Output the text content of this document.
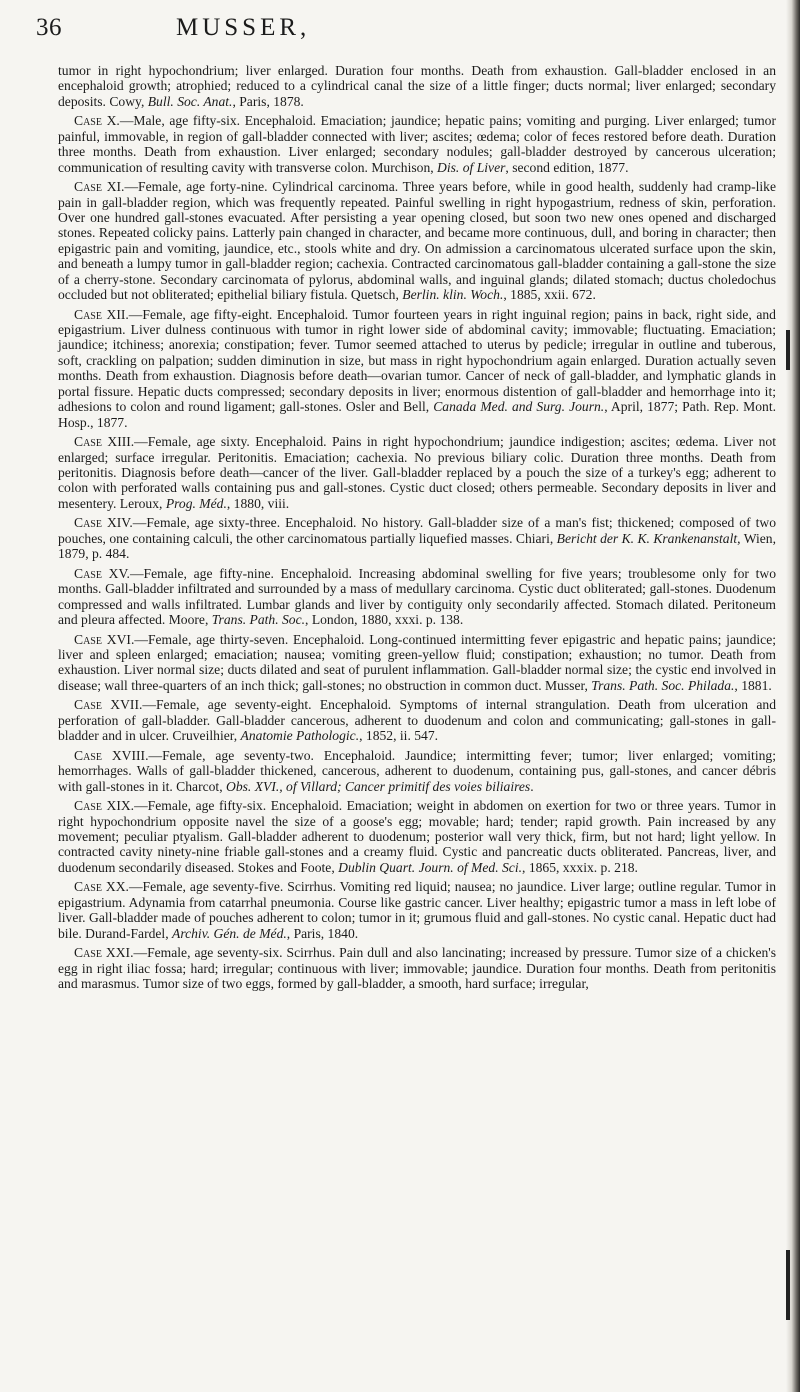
36	MUSSER,

tumor in right hypochondrium; liver enlarged. Duration four months. Death from exhaustion. Gall-bladder enclosed in an encephaloid growth; atrophied; reduced to a cylindrical canal the size of a little finger; ducts normal; liver enlarged; secondary deposits. Cowy, Bull. Soc. Anat., Paris, 1878.

Case X.—Male, age fifty-six. Encephaloid. Emaciation; jaundice; hepatic pains; vomiting and purging. Liver enlarged; tumor painful, immovable, in region of gall-bladder connected with liver; ascites; œdema; color of feces restored before death. Duration three months. Death from exhaustion. Liver enlarged; secondary nodules; gall-bladder destroyed by cancerous ulceration; communication of resulting cavity with transverse colon. Murchison, Dis. of Liver, second edition, 1877.

Case XI.—Female, age forty-nine. Cylindrical carcinoma. Three years before, while in good health, suddenly had cramp-like pain in gall-bladder region, which was frequently repeated. Painful swelling in right hypogastrium, redness of skin, perforation. Over one hundred gall-stones evacuated. After persisting a year opening closed, but soon two new ones opened and discharged stones. Repeated colicky pains. Latterly pain changed in character, and became more continuous, dull, and boring in character; then epigastric pain and vomiting, jaundice, etc., stools white and dry. On admission a carcinomatous ulcerated surface upon the skin, and beneath a lumpy tumor in gall-bladder region; cachexia. Contracted carcinomatous gall-bladder containing a gall-stone the size of a cherry-stone. Secondary carcinomata of pylorus, abdominal walls, and inguinal glands; dilated stomach; ductus choledochus occluded but not obliterated; epithelial biliary fistula. Quetsch, Berlin. klin. Woch., 1885, xxii. 672.

Case XII.—Female, age fifty-eight. Encephaloid. Tumor fourteen years in right inguinal region; pains in back, right side, and epigastrium. Liver dulness continuous with tumor in right lower side of abdominal cavity; immovable; fluctuating. Emaciation; jaundice; itchiness; anorexia; constipation; fever. Tumor seemed attached to uterus by pedicle; irregular in outline and tuberous, soft, crackling on palpation; sudden diminution in size, but mass in right hypochondrium again enlarged. Duration actually seven months. Death from exhaustion. Diagnosis before death—ovarian tumor. Cancer of neck of gall-bladder, and lymphatic glands in portal fissure. Hepatic ducts compressed; secondary deposits in liver; enormous distention of gall-bladder and hemorrhage into it; adhesions to colon and round ligament; gall-stones. Osler and Bell, Canada Med. and Surg. Journ., April, 1877; Path. Rep. Mont. Hosp., 1877.

Case XIII.—Female, age sixty. Encephaloid. Pains in right hypochondrium; jaundice indigestion; ascites; œdema. Liver not enlarged; surface irregular. Peritonitis. Emaciation; cachexia. No previous biliary colic. Duration three months. Death from peritonitis. Diagnosis before death—cancer of the liver. Gall-bladder replaced by a pouch the size of a turkey's egg; adherent to colon with perforated walls containing pus and gall-stones. Cystic duct closed; others permeable. Secondary deposits in liver and mesentery. Leroux, Prog. Méd., 1880, viii.

Case XIV.—Female, age sixty-three. Encephaloid. No history. Gall-bladder size of a man's fist; thickened; composed of two pouches, one containing calculi, the other carcinomatous partially liquefied masses. Chiari, Bericht der K. K. Krankenanstalt, Wien, 1879, p. 484.

Case XV.—Female, age fifty-nine. Encephaloid. Increasing abdominal swelling for five years; troublesome only for two months. Gall-bladder infiltrated and surrounded by a mass of medullary carcinoma. Cystic duct obliterated; gall-stones. Duodenum compressed and walls infiltrated. Lumbar glands and liver by contiguity only secondarily affected. Stomach dilated. Peritoneum and pleura affected. Moore, Trans. Path. Soc., London, 1880, xxxi. p. 138.

Case XVI.—Female, age thirty-seven. Encephaloid. Long-continued intermitting fever epigastric and hepatic pains; jaundice; liver and spleen enlarged; emaciation; nausea; vomiting green-yellow fluid; constipation; exhaustion; no tumor. Death from exhaustion. Liver normal size; ducts dilated and seat of purulent inflammation. Gall-bladder normal size; the cystic end involved in disease; wall three-quarters of an inch thick; gall-stones; no obstruction in common duct. Musser, Trans. Path. Soc. Philada., 1881.

Case XVII.—Female, age seventy-eight. Encephaloid. Symptoms of internal strangulation. Death from ulceration and perforation of gall-bladder. Gall-bladder cancerous, adherent to duodenum and colon and communicating; gall-stones in gall-bladder and in ulcer. Cruveilhier, Anatomie Pathologic., 1852, ii. 547.

Case XVIII.—Female, age seventy-two. Encephaloid. Jaundice; intermitting fever; tumor; liver enlarged; vomiting; hemorrhages. Walls of gall-bladder thickened, cancerous, adherent to duodenum, containing pus, gall-stones, and cancer débris with gall-stones in it. Charcot, Obs. XVI., of Villard; Cancer primitif des voies biliaires.

Case XIX.—Female, age fifty-six. Encephaloid. Emaciation; weight in abdomen on exertion for two or three years. Tumor in right hypochondrium opposite navel the size of a goose's egg; movable; hard; tender; rapid growth. Pain increased by any movement; peculiar ptyalism. Gall-bladder adherent to duodenum; posterior wall very thick, firm, but not hard; light yellow. In contracted cavity ninety-nine friable gall-stones and a creamy fluid. Cystic and pancreatic ducts obliterated. Pancreas, liver, and duodenum secondarily diseased. Stokes and Foote, Dublin Quart. Journ. of Med. Sci., 1865, xxxix. p. 218.

Case XX.—Female, age seventy-five. Scirrhus. Vomiting red liquid; nausea; no jaundice. Liver large; outline regular. Tumor in epigastrium. Adynamia from catarrhal pneumonia. Course like gastric cancer. Liver healthy; epigastric tumor a mass in left lobe of liver. Gall-bladder made of pouches adherent to colon; tumor in it; grumous fluid and gall-stones. No cystic canal. Hepatic duct had bile. Durand-Fardel, Archiv. Gén. de Méd., Paris, 1840.

Case XXI.—Female, age seventy-six. Scirrhus. Pain dull and also lancinating; increased by pressure. Tumor size of a chicken's egg in right iliac fossa; hard; irregular; continuous with liver; immovable; jaundice. Duration four months. Death from peritonitis and marasmus. Tumor size of two eggs, formed by gall-bladder, a smooth, hard surface; irregular,
